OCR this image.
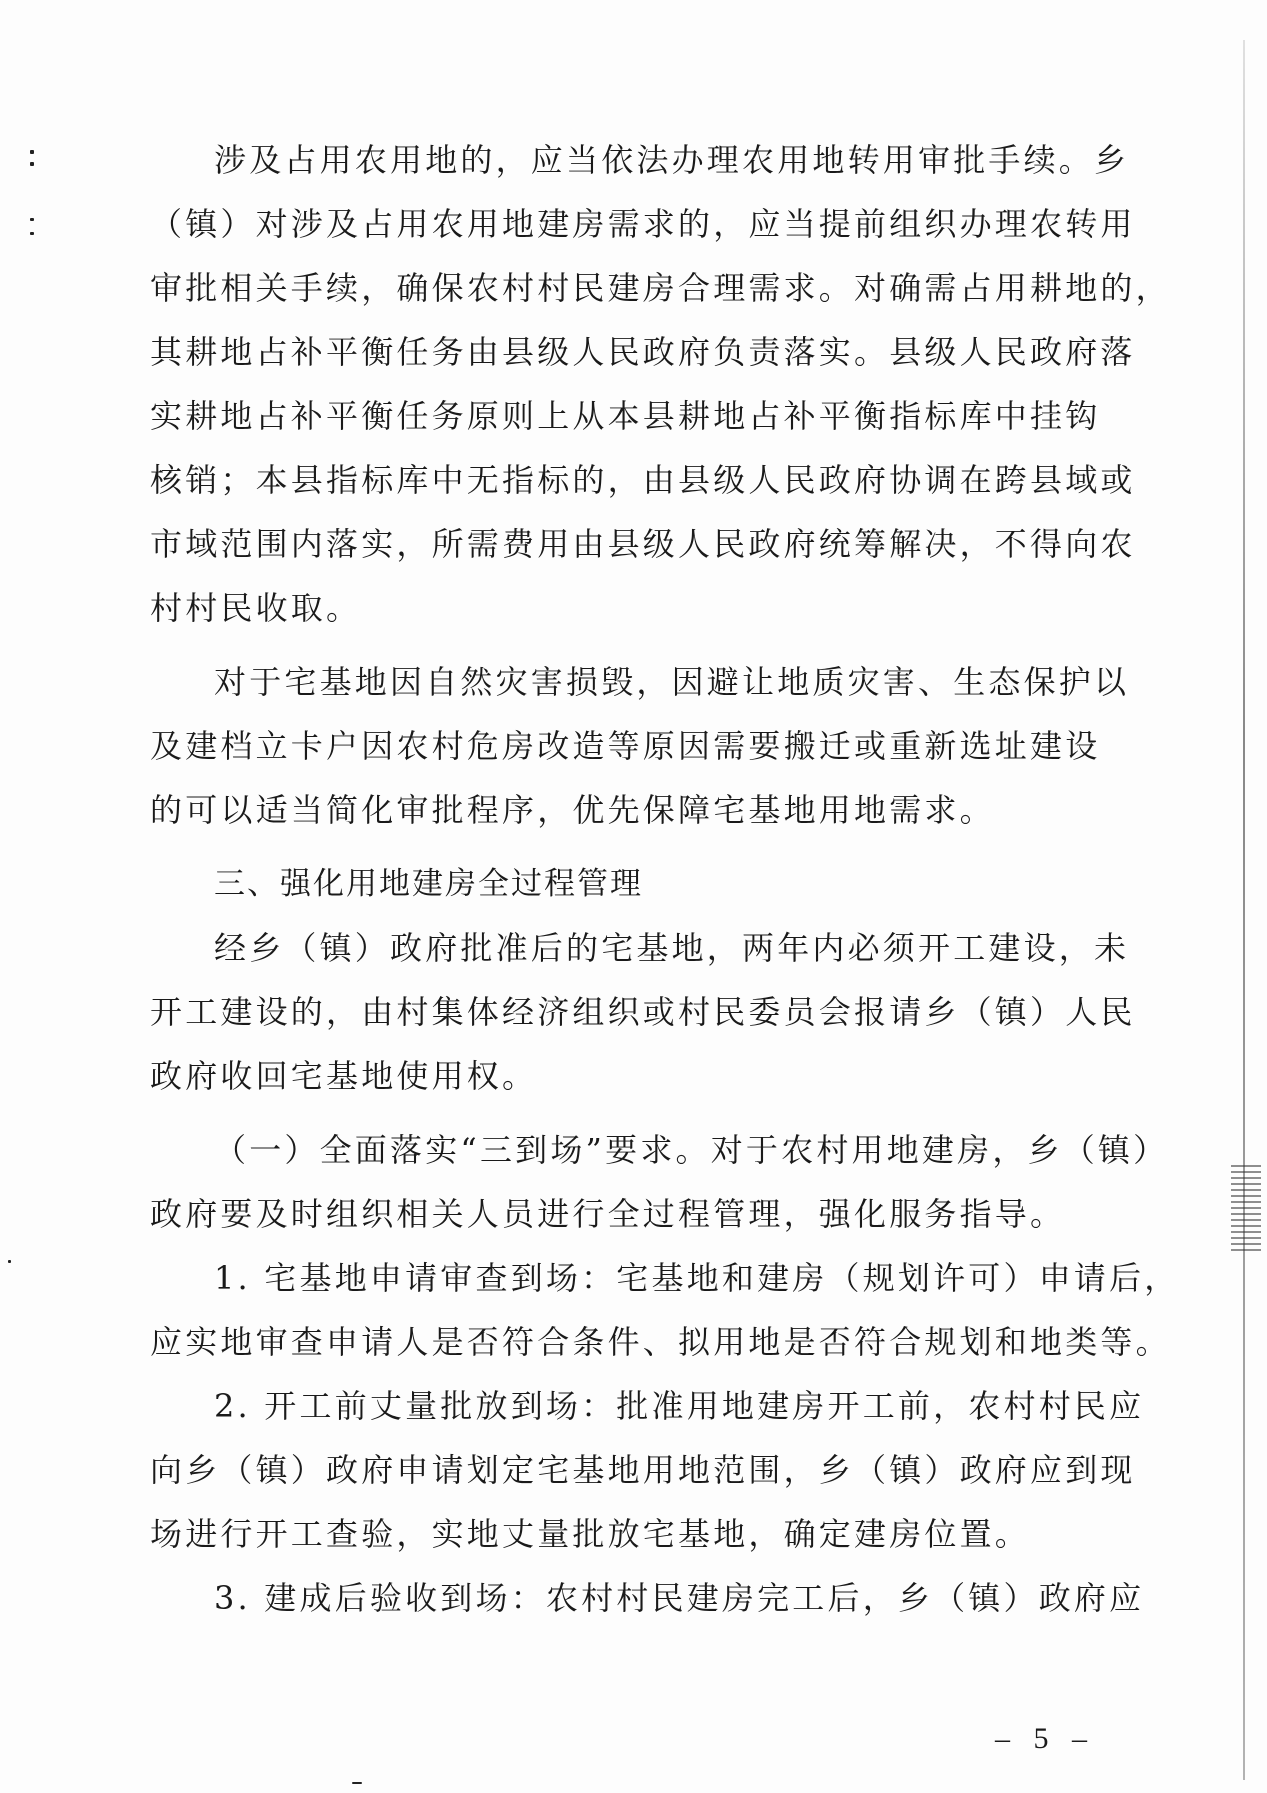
涉及占用农用地的，应当依法办理农用地转用审批手续。乡
（镇）对涉及占用农用地建房需求的，应当提前组织办理农转用
审批相关手续，确保农村村民建房合理需求。对确需占用耕地的，
其耕地占补平衡任务由县级人民政府负责落实。县级人民政府落
实耕地占补平衡任务原则上从本县耕地占补平衡指标库中挂钩
核销；本县指标库中无指标的，由县级人民政府协调在跨县域或
市域范围内落实，所需费用由县级人民政府统筹解决，不得向农
村村民收取。
对于宅基地因自然灾害损毁，因避让地质灾害、生态保护以
及建档立卡户因农村危房改造等原因需要搬迁或重新选址建设
的可以适当简化审批程序，优先保障宅基地用地需求。
三、强化用地建房全过程管理
经乡（镇）政府批准后的宅基地，两年内必须开工建设，未
开工建设的，由村集体经济组织或村民委员会报请乡（镇）人民
政府收回宅基地使用权。
（一）全面落实“三到场”要求。对于农村用地建房，乡（镇）
政府要及时组织相关人员进行全过程管理，强化服务指导。
1. 宅基地申请审查到场：宅基地和建房（规划许可）申请后，
应实地审查申请人是否符合条件、拟用地是否符合规划和地类等。
2. 开工前丈量批放到场：批准用地建房开工前，农村村民应
向乡（镇）政府申请划定宅基地用地范围，乡（镇）政府应到现
场进行开工查验，实地丈量批放宅基地，确定建房位置。
3. 建成后验收到场：农村村民建房完工后，乡（镇）政府应
– 5 –
